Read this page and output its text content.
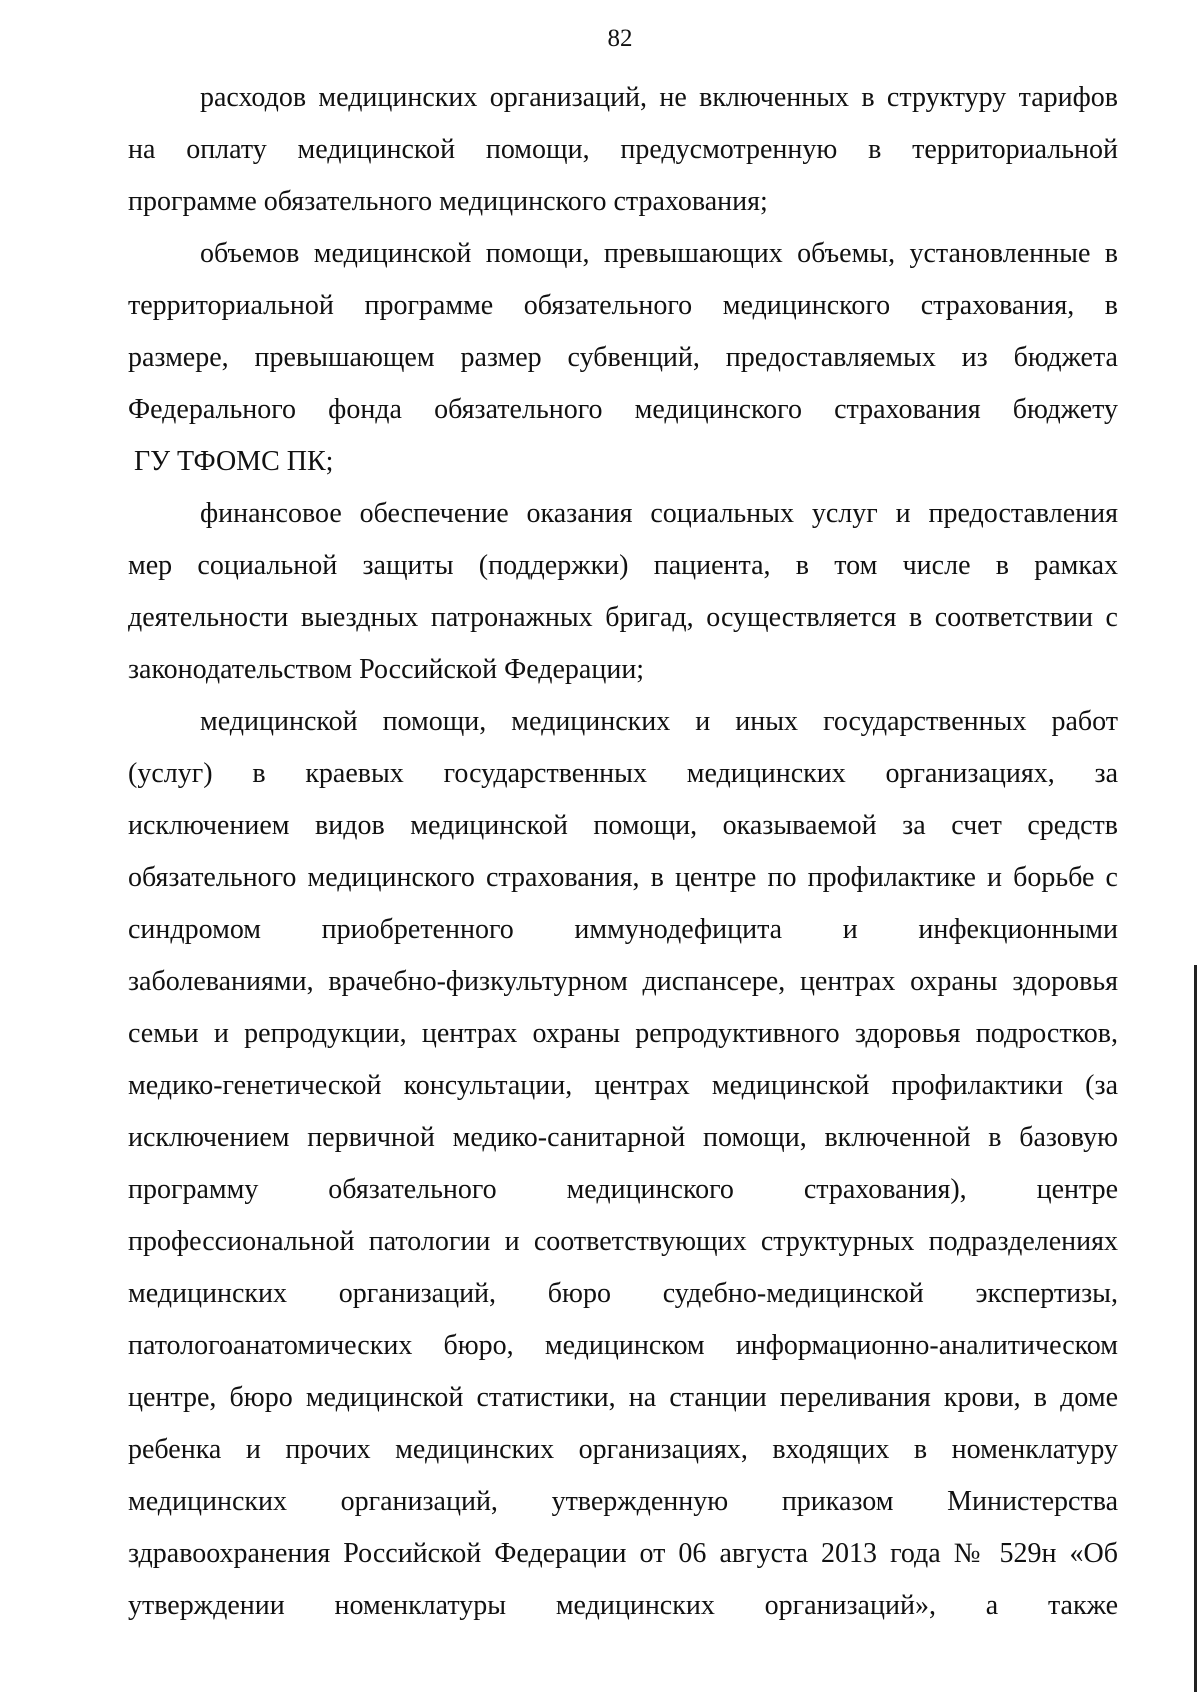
82
расходов медицинских организаций, не включенных в структуру тарифов
на оплату медицинской помощи, предусмотренную в территориальной
программе обязательного медицинского страхования;
объемов медицинской помощи, превышающих объемы, установленные в
территориальной программе обязательного медицинского страхования, в
размере, превышающем размер субвенций, предоставляемых из бюджета
Федерального фонда обязательного медицинского страхования бюджету
ГУ ТФОМС ПК;
финансовое обеспечение оказания социальных услуг и предоставления
мер социальной защиты (поддержки) пациента, в том числе в рамках
деятельности выездных патронажных бригад, осуществляется в соответствии с
законодательством Российской Федерации;
медицинской помощи, медицинских и иных государственных работ
(услуг) в краевых государственных медицинских организациях, за
исключением видов медицинской помощи, оказываемой за счет средств
обязательного медицинского страхования, в центре по профилактике и борьбе с
синдромом приобретенного иммунодефицита и инфекционными
заболеваниями, врачебно-физкультурном диспансере, центрах охраны здоровья
семьи и репродукции, центрах охраны репродуктивного здоровья подростков,
медико-генетической консультации, центрах медицинской профилактики (за
исключением первичной медико-санитарной помощи, включенной в базовую
программу обязательного медицинского страхования), центре
профессиональной патологии и соответствующих структурных подразделениях
медицинских организаций, бюро судебно-медицинской экспертизы,
патологоанатомических бюро, медицинском информационно-аналитическом
центре, бюро медицинской статистики, на станции переливания крови, в доме
ребенка и прочих медицинских организациях, входящих в номенклатуру
медицинских организаций, утвержденную приказом Министерства
здравоохранения Российской Федерации от 06 августа 2013 года № 529н «Об
утверждении номенклатуры медицинских организаций», а также
